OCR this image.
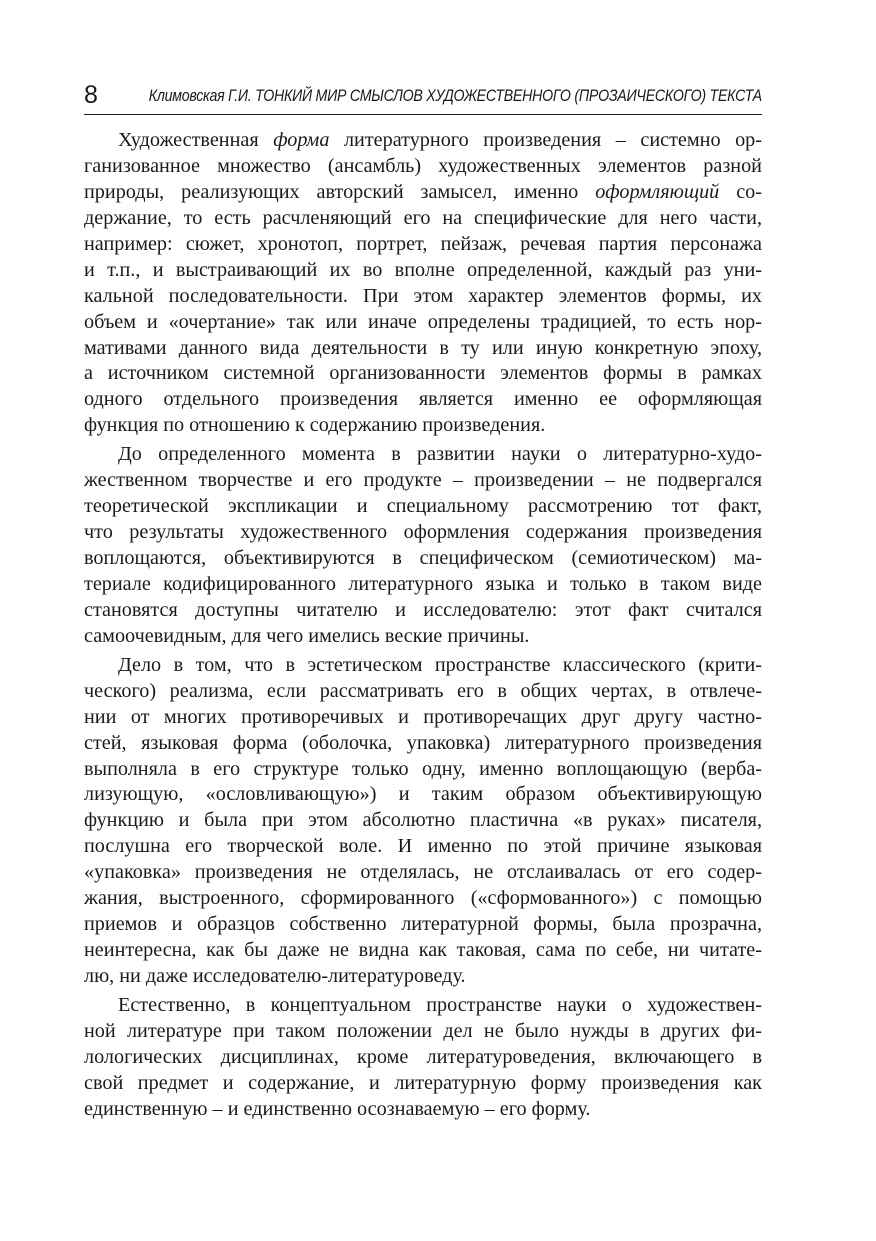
8	Климовская Г.И. ТОНКИЙ МИР СМЫСЛОВ ХУДОЖЕСТВЕННОГО (ПРОЗАИЧЕСКОГО) ТЕКСТА
Художественная форма литературного произведения – системно ор-
ганизованное множество (ансамбль) художественных элементов разной
природы, реализующих авторский замысел, именно оформляющий со-
держание, то есть расчленяющий его на специфические для него части,
например: сюжет, хронотоп, портрет, пейзаж, речевая партия персонажа
и т.п., и выстраивающий их во вполне определенной, каждый раз уни-
кальной последовательности. При этом характер элементов формы, их
объем и «очертание» так или иначе определены традицией, то есть нор-
мативами данного вида деятельности в ту или иную конкретную эпоху,
а источником системной организованности элементов формы в рамках
одного отдельного произведения является именно ее оформляющая
функция по отношению к содержанию произведения.
До определенного момента в развитии науки о литературно-худо-
жественном творчестве и его продукте – произведении – не подвергался
теоретической экспликации и специальному рассмотрению тот факт,
что результаты художественного оформления содержания произведения
воплощаются, объективируются в специфическом (семиотическом) ма-
териале кодифицированного литературного языка и только в таком виде
становятся доступны читателю и исследователю: этот факт считался
самоочевидным, для чего имелись веские причины.
Дело в том, что в эстетическом пространстве классического (крити-
ческого) реализма, если рассматривать его в общих чертах, в отвлече-
нии от многих противоречивых и противоречащих друг другу частно-
стей, языковая форма (оболочка, упаковка) литературного произведения
выполняла в его структуре только одну, именно воплощающую (верба-
лизующую, «ословливающую») и таким образом объективирующую
функцию и была при этом абсолютно пластична «в руках» писателя,
послушна его творческой воле. И именно по этой причине языковая
«упаковка» произведения не отделялась, не отслаивалась от его содер-
жания, выстроенного, сформированного («сформованного») с помощью
приемов и образцов собственно литературной формы, была прозрачна,
неинтересна, как бы даже не видна как таковая, сама по себе, ни читате-
лю, ни даже исследователю-литературоведу.
Естественно, в концептуальном пространстве науки о художествен-
ной литературе при таком положении дел не было нужды в других фи-
лологических дисциплинах, кроме литературоведения, включающего в
свой предмет и содержание, и литературную форму произведения как
единственную – и единственно осознаваемую – его форму.
